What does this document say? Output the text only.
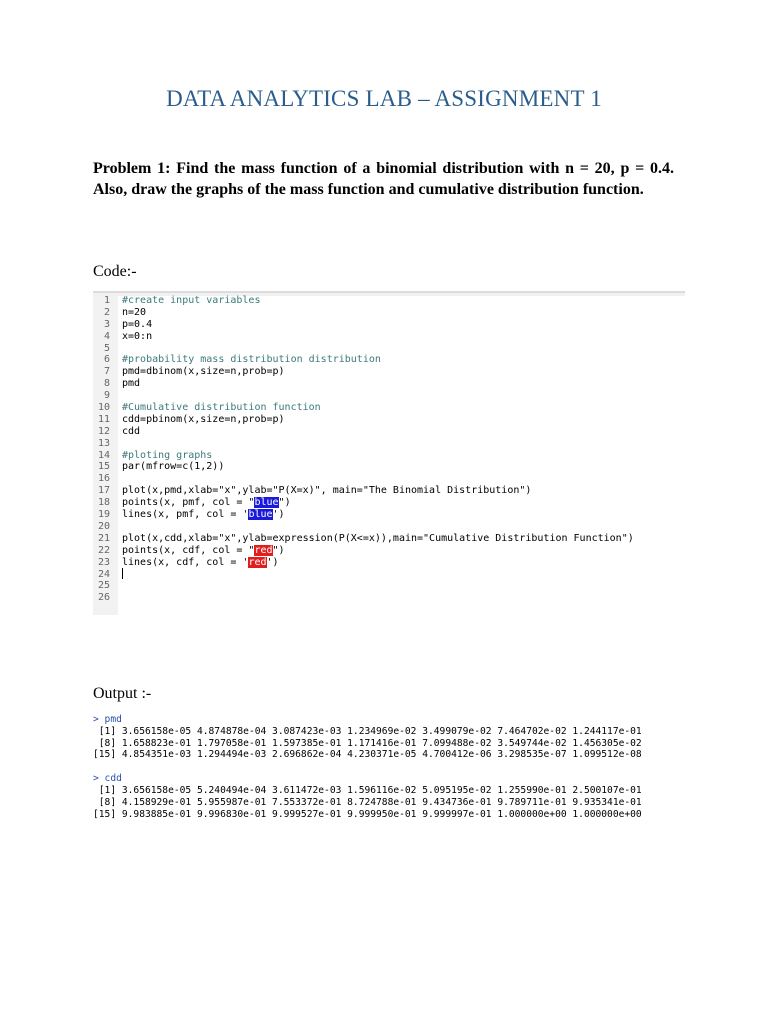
DATA ANALYTICS LAB – ASSIGNMENT 1
Problem 1: Find the mass function of a binomial distribution with n = 20, p = 0.4. Also, draw the graphs of the mass function and cumulative distribution function.
Code:-
1 #create input variables
2 n=20
3 p=0.4
4 x=0:n
5
6 #probability mass distribution distribution
7 pmd=dbinom(x,size=n,prob=p)
8 pmd
9
10 #Cumulative distribution function
11 cdd=pbinom(x,size=n,prob=p)
12 cdd
13
14 #ploting graphs
15 par(mfrow=c(1,2))
16
17 plot(x,pmd,xlab="x",ylab="P(X=x)", main="The Binomial Distribution")
18 points(x, pmf, col = "blue")
19 lines(x, pmf, col = 'blue')
20
21 plot(x,cdd,xlab="x",ylab=expression(P(X<=x)),main="Cumulative Distribution Function")
22 points(x, cdf, col = "red")
23 lines(x, cdf, col = 'red')
24
25
26
Output :-
> pmd
[1] 3.656158e-05 4.874878e-04 3.087423e-03 1.234969e-02 3.499079e-02 7.464702e-02 1.244117e-01
[8] 1.658823e-01 1.797058e-01 1.597385e-01 1.171416e-01 7.099488e-02 3.549744e-02 1.456305e-02
[15] 4.854351e-03 1.294494e-03 2.696862e-04 4.230371e-05 4.700412e-06 3.298535e-07 1.099512e-08
> cdd
[1] 3.656158e-05 5.240494e-04 3.611472e-03 1.596116e-02 5.095195e-02 1.255990e-01 2.500107e-01
[8] 4.158929e-01 5.955987e-01 7.553372e-01 8.724788e-01 9.434736e-01 9.789711e-01 9.935341e-01
[15] 9.983885e-01 9.996830e-01 9.999527e-01 9.999950e-01 9.999997e-01 1.000000e+00 1.000000e+00
